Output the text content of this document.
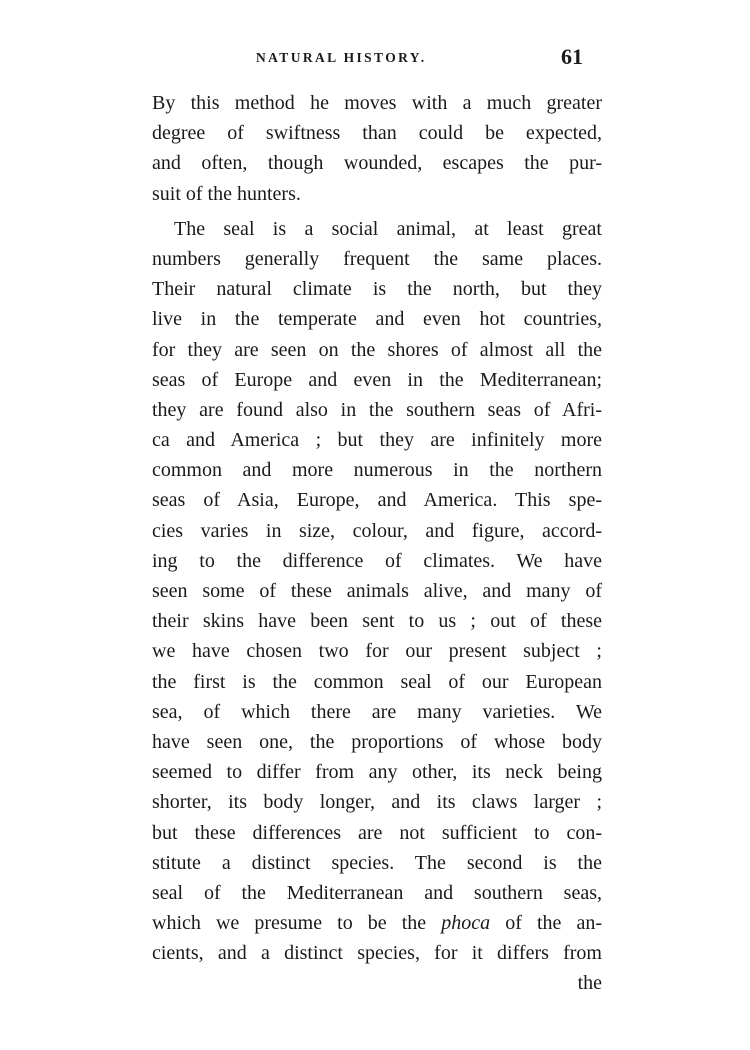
NATURAL HISTORY.	61
By this method he moves with a much greater
degree of swiftness than could be expected,
and often, though wounded, escapes the pur-
suit of the hunters.
The seal is a social animal, at least great
numbers generally frequent the same places.
Their natural climate is the north, but they
live in the temperate and even hot countries,
for they are seen on the shores of almost all the
seas of Europe and even in the Mediterranean;
they are found also in the southern seas of Afri-
ca and America ; but they are infinitely more
common and more numerous in the northern
seas of Asia, Europe, and America. This spe-
cies varies in size, colour, and figure, accord-
ing to the difference of climates. We have
seen some of these animals alive, and many of
their skins have been sent to us ; out of these
we have chosen two for our present subject ;
the first is the common seal of our European
sea, of which there are many varieties. We
have seen one, the proportions of whose body
seemed to differ from any other, its neck being
shorter, its body longer, and its claws larger ;
but these differences are not sufficient to con-
stitute a distinct species. The second is the
seal of the Mediterranean and southern seas,
which we presume to be the phoca of the an-
cients, and a distinct species, for it differs from
the
